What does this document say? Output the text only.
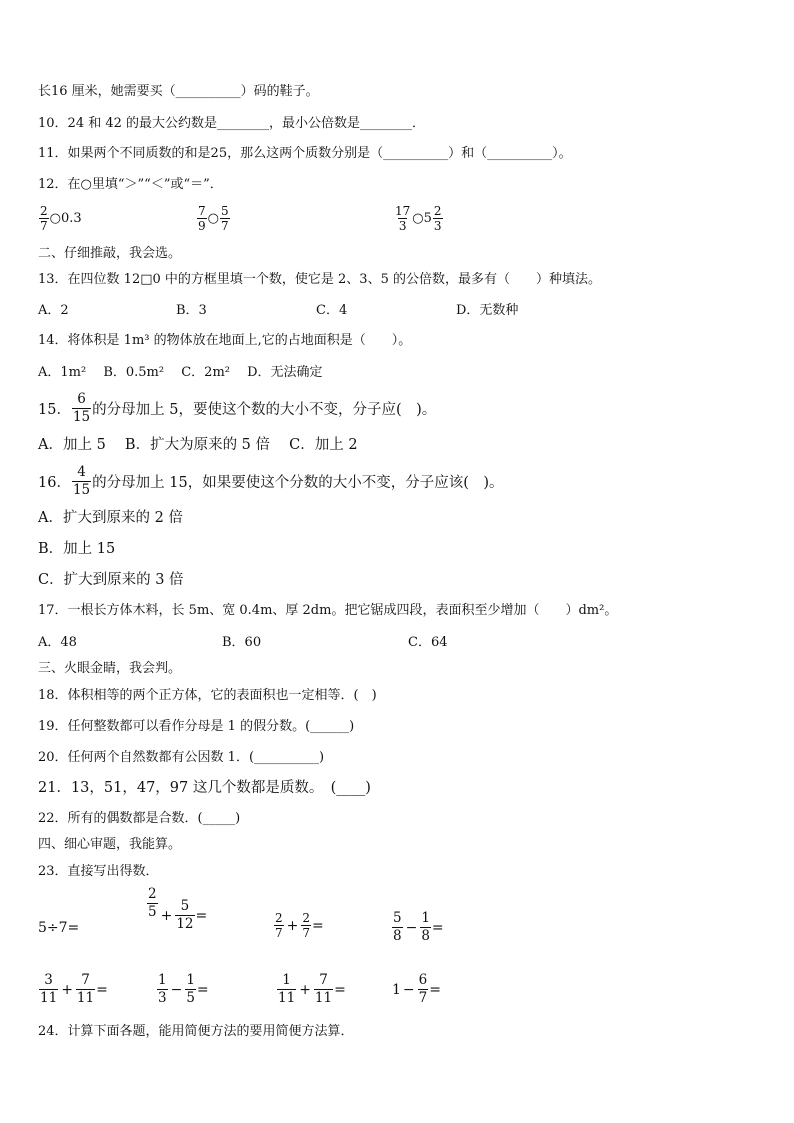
长16 厘米，她需要买（__________）码的鞋子。
10．24 和 42 的最大公约数是________，最小公倍数是________．
11．如果两个不同质数的和是25，那么这两个质数分别是（__________）和（__________）。
12．在○里填“＞”“＜”或“＝”．
$\frac{2}{7}$ ○0.3	$\frac{7}{9}$ ○ $\frac{5}{7}$	$\frac{17}{3}$ ○5 $\frac{2}{3}$
二、仔细推敲，我会选。
13．在四位数 12□0 中的方框里填一个数，使它是 2、3、5 的公倍数，最多有（　　）种填法。
A．2	B．3	C．4	D．无数种
14．将体积是 1m³ 的物体放在地面上,它的占地面积是（　　）。
A．1m²　 B．0.5m²　 C．2m²　 D．无法确定
15． $\frac{6}{15}$ 的分母加上 5，要使这个数的大小不变，分子应(　)。
A．加上 5　 B．扩大为原来的 5 倍　 C．加上 2
16． $\frac{4}{15}$ 的分母加上 15，如果要使这个分数的大小不变，分子应该(　)。
A．扩大到原来的 2 倍
B．加上 15
C．扩大到原来的 3 倍
17．一根长方体木料，长 5m、宽 0.4m、厚 2dm。把它锯成四段，表面积至少增加（　　）dm²。
A．48	B．60	C．64
三、火眼金睛，我会判。
18．体积相等的两个正方体，它的表面积也一定相等．(　)
19．任何整数都可以看作分母是 1 的假分数。(______)
20．任何两个自然数都有公因数 1．(__________)
21．13，51，47，97 这几个数都是质数。　(____)
22．所有的偶数都是合数．(_____)
四、细心审题，我能算。
23．直接写出得数．
5÷7=
$\frac{2}{5} + \frac{5}{12}$ =	$\frac{2}{7} + \frac{2}{7}$ =	$\frac{5}{8} - \frac{1}{8}$ =
$\frac{3}{11} + \frac{7}{11}$ =	$\frac{1}{3} - \frac{1}{5}$ =	$\frac{1}{11} + \frac{7}{11}$ =	$1 - \frac{6}{7}$ =
24．计算下面各题，能用简便方法的要用简便方法算．
